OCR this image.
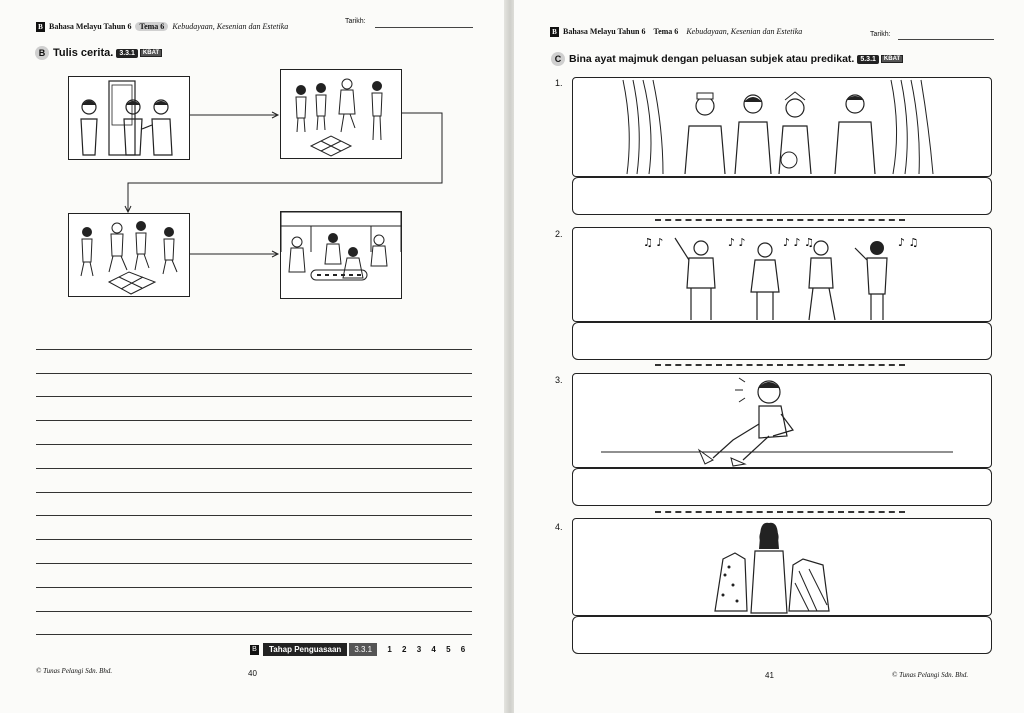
B Bahasa Melayu Tahun 6 Tema 6 Kebudayaan, Kesenian dan Estetika
Tarikh:
B Tulis cerita. 3.3.1 KBAT
B Tahap Penguasaan 3.3.1 1 2 3 4 5 6
© Tunas Pelangi Sdn. Bhd.	40
B Bahasa Melayu Tahun 6 Tema 6 Kebudayaan, Kesenian dan Estetika	Tarikh:
C Bina ayat majmuk dengan peluasan subjek atau predikat. 5.3.1 KBAT
1.
2.
♫ ♪	♪ ♪	♪ ♪ ♫	♪ ♫
3.
4.
41	© Tunas Pelangi Sdn. Bhd.
